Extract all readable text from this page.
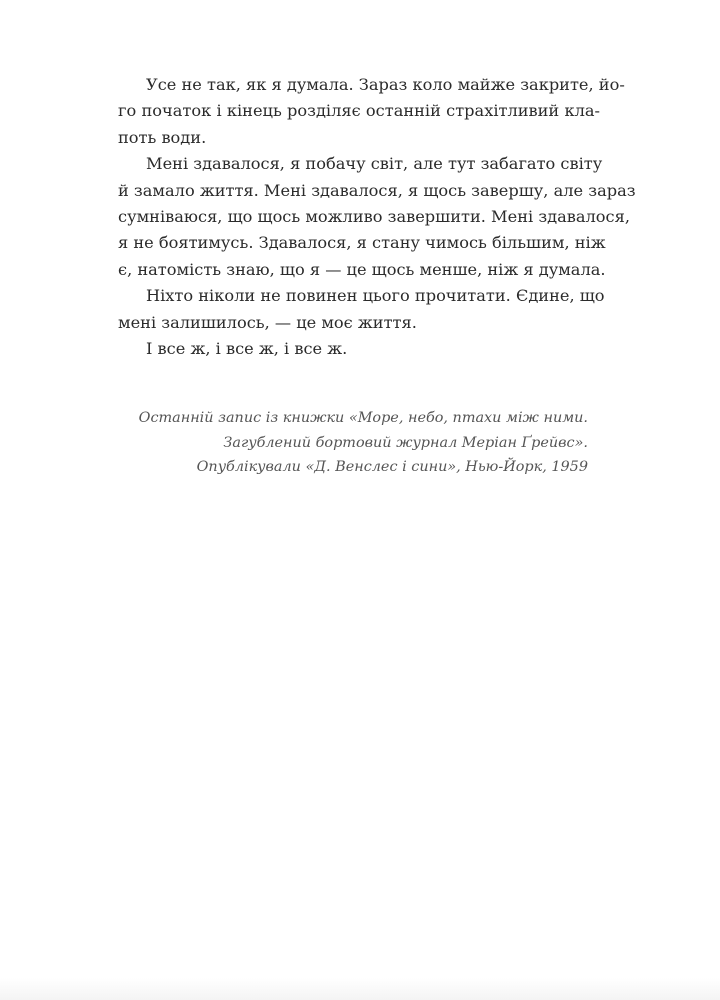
Усе не так, як я думала. Зараз коло майже закрите, йо-
го початок і кінець розділяє останній страхітливий кла-
поть води.

Мені здавалося, я побачу світ, але тут забагато світу
й замало життя. Мені здавалося, я щось завершу, але зараз
сумніваюся, що щось можливо завершити. Мені здавалося,
я не боятимусь. Здавалося, я стану чимось більшим, ніж
є, натомість знаю, що я — це щось менше, ніж я думала.

Ніхто ніколи не повинен цього прочитати. Єдине, що
мені залишилось, — це моє життя.

І все ж, і все ж, і все ж.

Останній запис із книжки «Море, небо, птахи між ними.
Загублений бортовий журнал Меріан Ґрейвс».
Опублікували «Д. Венслес і сини», Нью-Йорк, 1959
